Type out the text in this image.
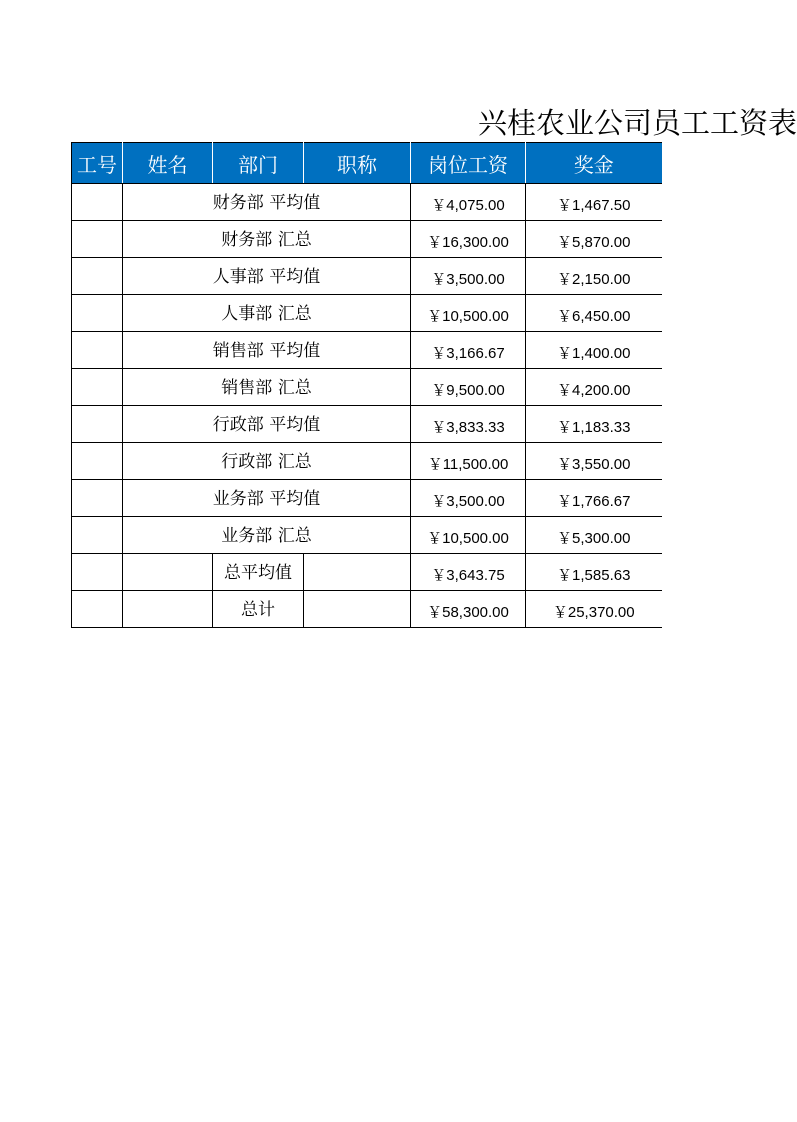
兴桂农业公司员工工资表
工号	姓名	部门	职称	岗位工资	奖金
	财务部 平均值			￥4,075.00	￥1,467.50
	财务部 汇总			￥16,300.00	￥5,870.00
	人事部 平均值			￥3,500.00	￥2,150.00
	人事部 汇总			￥10,500.00	￥6,450.00
	销售部 平均值			￥3,166.67	￥1,400.00
	销售部 汇总			￥9,500.00	￥4,200.00
	行政部 平均值			￥3,833.33	￥1,183.33
	行政部 汇总			￥11,500.00	￥3,550.00
	业务部 平均值			￥3,500.00	￥1,766.67
	业务部 汇总			￥10,500.00	￥5,300.00
		总平均值		￥3,643.75	￥1,585.63
		总计		￥58,300.00	￥25,370.00
